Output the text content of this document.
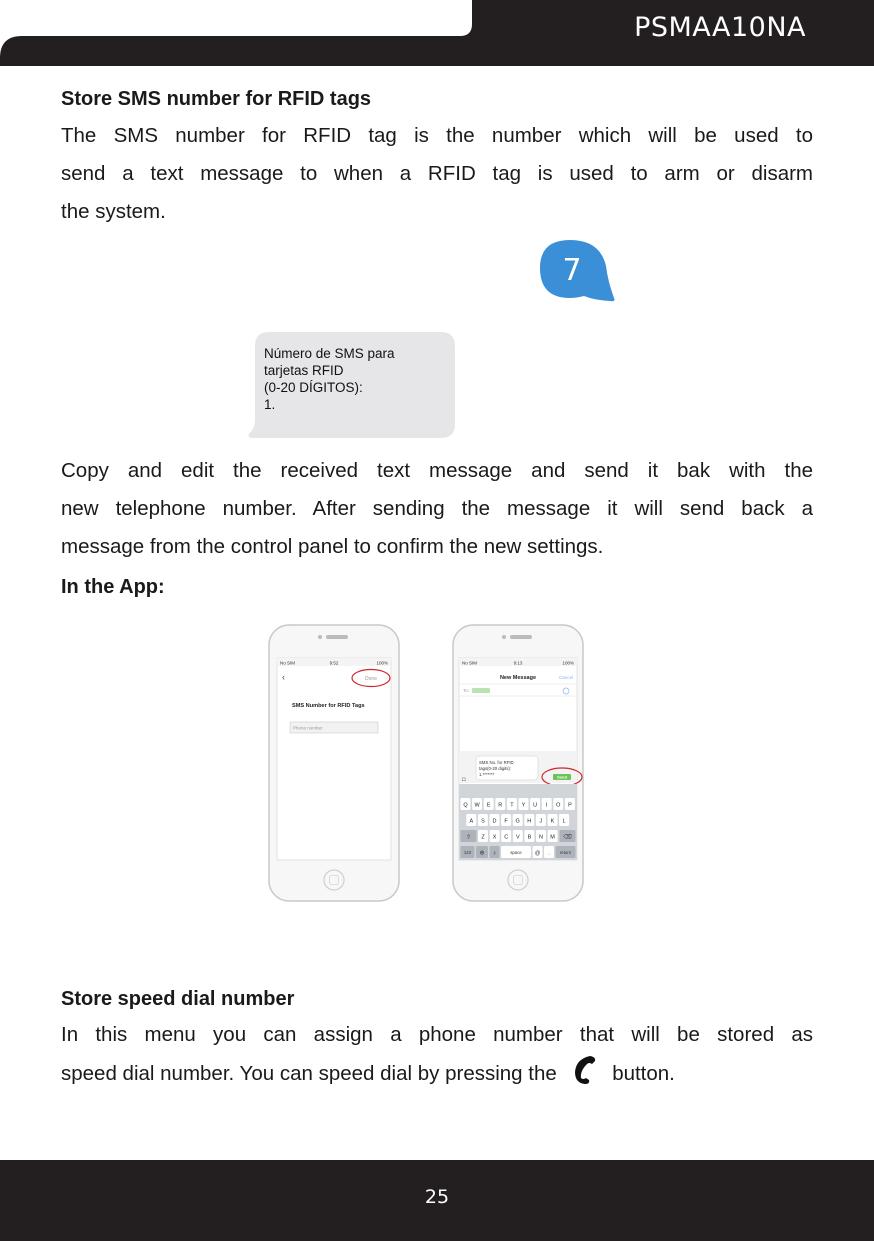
PSMAA10NA
Store SMS number for RFID tags

The SMS number for RFID tag is the number which will be used to

send a text message to when a RFID tag is used to arm or disarm

the system.

7
Número de SMS para
tarjetas RFID
(0-20 DÍGITOS):
1.

Copy and edit the received text message and send it bak with the

new telephone number. After sending the message it will send back a

message from the control panel to confirm the new settings.

In the App:
No SIM	9:52	100%
‹	Done
SMS Number for RFID Tags
Phone number
No SIM	9:13	100%
New Message	Cancel
To:
◘
SMS No. for RFID
tags(0-20 digits):
1.*******
Send
Q W E R T Y U I O P
A S D F G H J K L
Z X C V B N M
⇧	⌫
123 ⊕ ♪	space @ . return
Store speed dial number

In this menu you can assign a phone number that will be stored as

speed dial number. You can speed dial by pressing the	button.
25
